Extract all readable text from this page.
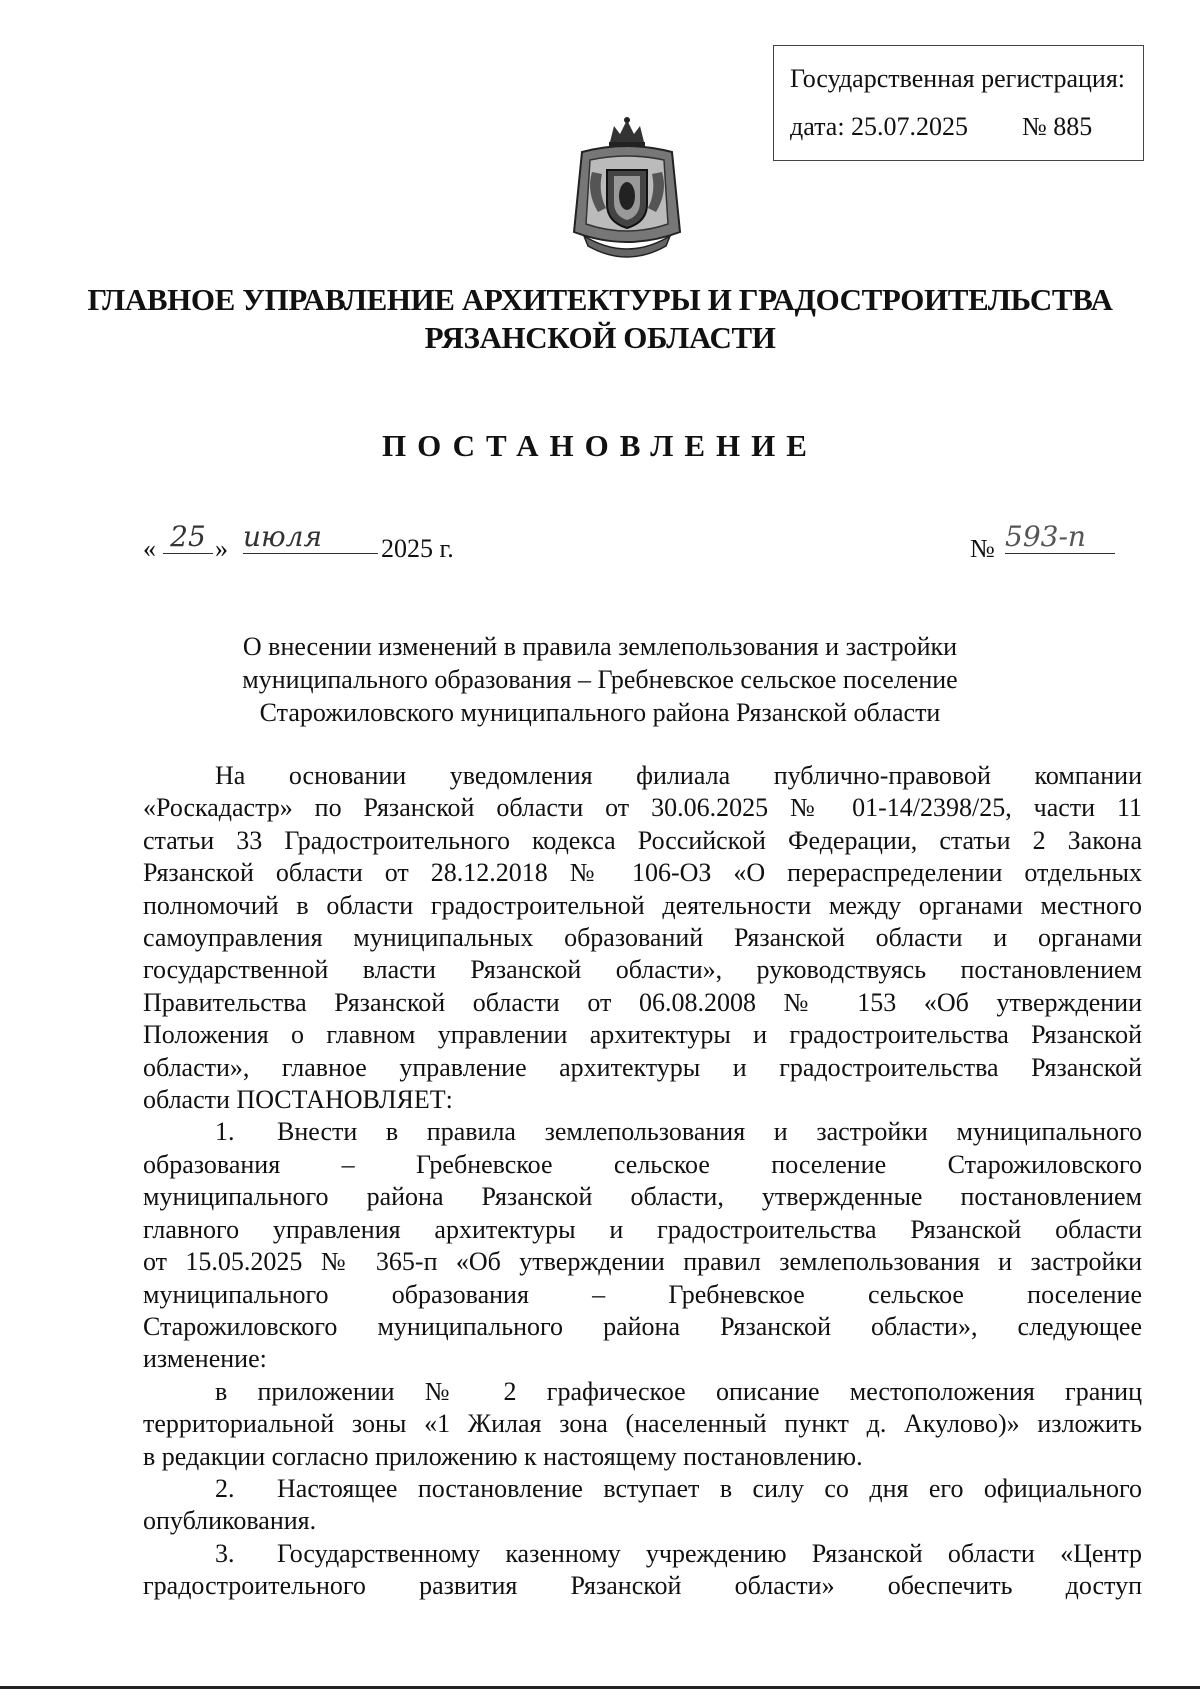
Государственная регистрация:
дата: 25.07.2025 № 885
ГЛАВНОЕ УПРАВЛЕНИЕ АРХИТЕКТУРЫ И ГРАДОСТРОИТЕЛЬСТВА
РЯЗАНСКОЙ ОБЛАСТИ
ПОСТАНОВЛЕНИЕ
« 25 » июля	2025 г.	№ 593-п
О внесении изменений в правила землепользования и застройки
муниципального образования – Гребневское сельское поселение
Старожиловского муниципального района Рязанской области

На основании уведомления филиала публично-правовой компании

«Роскадастр» по Рязанской области от 30.06.2025 № 01-14/2398/25, части 11

статьи 33 Градостроительного кодекса Российской Федерации, статьи 2 Закона

Рязанской области от 28.12.2018 № 106-ОЗ «О перераспределении отдельных

полномочий в области градостроительной деятельности между органами местного

самоуправления муниципальных образований Рязанской области и органами

государственной власти Рязанской области», руководствуясь постановлением

Правительства Рязанской области от 06.08.2008 № 153 «Об утверждении

Положения о главном управлении архитектуры и градостроительства Рязанской

области», главное управление архитектуры и градостроительства Рязанской

области ПОСТАНОВЛЯЕТ:

1. Внести в правила землепользования и застройки муниципального

образования – Гребневское сельское поселение Старожиловского

муниципального района Рязанской области, утвержденные постановлением

главного управления архитектуры и градостроительства Рязанской области

от 15.05.2025 № 365-п «Об утверждении правил землепользования и застройки

муниципального образования – Гребневское сельское поселение

Старожиловского муниципального района Рязанской области», следующее

изменение:

в приложении № 2 графическое описание местоположения границ

территориальной зоны «1 Жилая зона (населенный пункт д. Акулово)» изложить

в редакции согласно приложению к настоящему постановлению.

2. Настоящее постановление вступает в силу со дня его официального

опубликования.

3. Государственному казенному учреждению Рязанской области «Центр

градостроительного развития Рязанской области» обеспечить доступ
